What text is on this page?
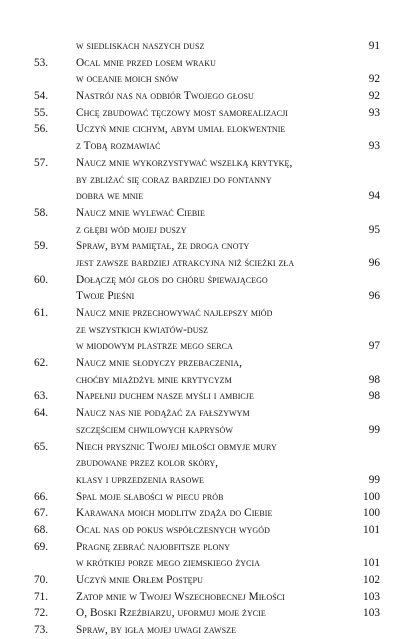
w siedliskach naszych dusz	91
53.	Ocal mnie przed losem wraku
w oceanie moich snów	92
54.	Nastrój nas na odbiór Twojego głosu	92
55.	Chcę zbudować tęczowy most samorealizacji	93
56.	Uczyń mnie cichym, abym umiał elokwentnie
z Tobą rozmawiać	93
57.	Naucz mnie wykorzystywać wszelką krytykę,
by zbliżać się coraz bardziej do fontanny
dobra we mnie	94
58.	Naucz mnie wylewać Ciebie
z głębi wód mojej duszy	95
59.	Spraw, bym pamiętał, że droga cnoty
jest zawsze bardziej atrakcyjna niż ścieżki zła	96
60.	Dołączę mój głos do chóru śpiewającego
Twoje Pieśni	96
61.	Naucz mnie przechowywać najlepszy miód
ze wszystkich kwiatów-dusz
w miodowym plastrze mego serca	97
62.	Naucz mnie słodyczy przebaczenia,
choćby miażdżył mnie krytycyzm	98
63.	Napełnij duchem nasze myśli i ambicje	98
64.	Naucz nas nie podążać za fałszywym
szczęściem chwilowych kaprysów	99
65.	Niech prysznic Twojej miłości obmyje mury
zbudowane przez kolor skóry,
klasy i uprzedzenia rasowe	99
66.	Spal moje słabości w piecu prób	100
67.	Karawana moich modlitw zdąża do Ciebie	100
68.	Ocal nas od pokus współczesnych wygód	101
69.	Pragnę zebrać najobfitsze plony
w krótkiej porze mego ziemskiego życia	101
70.	Uczyń mnie Orłem Postępu	102
71.	Zatop mnie w Twojej Wszechobecnej Miłości	103
72.	O, Boski Rzeźbiarzu, uformuj moje życie	103
73.	Spraw, by igła mojej uwagi zawsze
